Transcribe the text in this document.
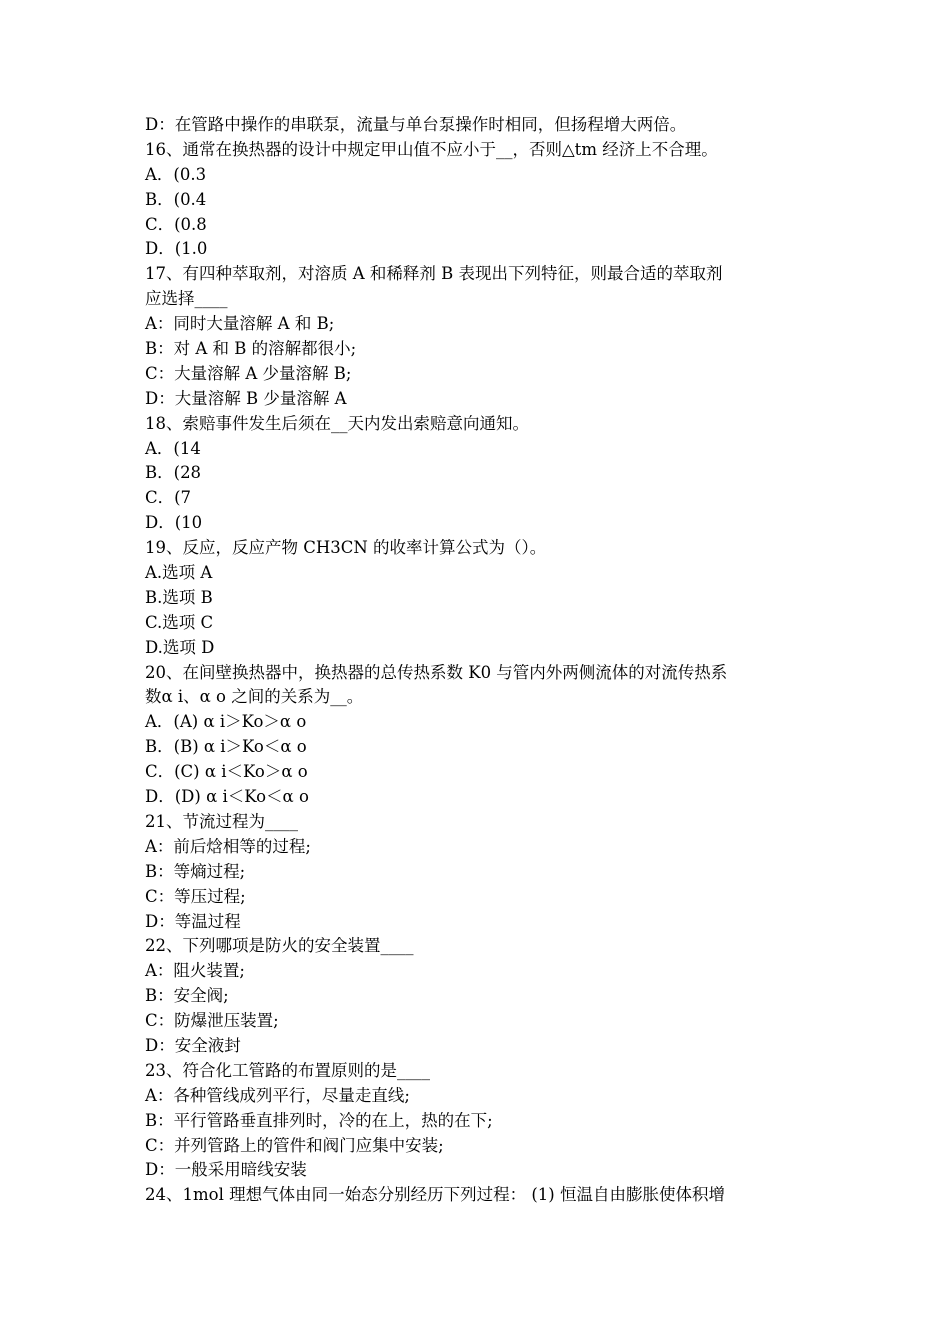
D：在管路中操作的串联泵，流量与单台泵操作时相同，但扬程增大两倍。
16、通常在换热器的设计中规定甲山值不应小于__，否则△tm 经济上不合理。
A．(0.3
B．(0.4
C．(0.8
D．(1.0
17、有四种萃取剂，对溶质 A 和稀释剂 B 表现出下列特征，则最合适的萃取剂
应选择____
A：同时大量溶解 A 和 B;
B：对 A 和 B 的溶解都很小;
C：大量溶解 A 少量溶解 B;
D：大量溶解 B 少量溶解 A
18、索赔事件发生后须在__天内发出索赔意向通知。
A．(14
B．(28
C．(7
D．(10
19、反应，反应产物 CH3CN 的收率计算公式为（）。
A.选项 A
B.选项 B
C.选项 C
D.选项 D
20、在间壁换热器中，换热器的总传热系数 K0 与管内外两侧流体的对流传热系
数α i、α o 之间的关系为__。
A．(A) α i＞Ko＞α o
B．(B) α i＞Ko＜α o
C．(C) α i＜Ko＞α o
D．(D) α i＜Ko＜α o
21、节流过程为____
A：前后焓相等的过程;
B：等熵过程;
C：等压过程;
D：等温过程
22、下列哪项是防火的安全装置____
A：阻火装置;
B：安全阀;
C：防爆泄压装置;
D：安全液封
23、符合化工管路的布置原则的是____
A：各种管线成列平行，尽量走直线;
B：平行管路垂直排列时，冷的在上，热的在下;
C：并列管路上的管件和阀门应集中安装;
D：一般采用暗线安装
24、1mol 理想气体由同一始态分别经历下列过程： (1) 恒温自由膨胀使体积增
